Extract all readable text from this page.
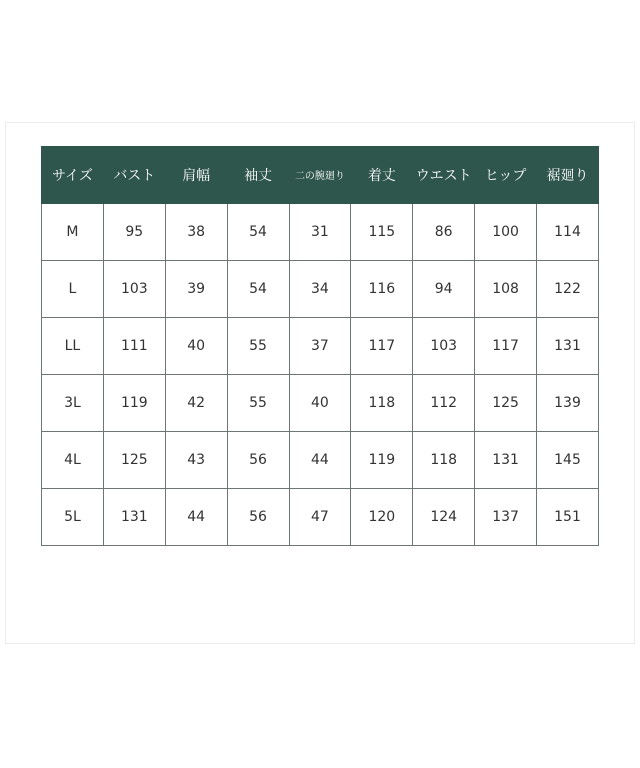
サイズ	バスト	肩幅	袖丈	二の腕廻り	着丈	ウエスト	ヒップ	裾廻り
M	95	38	54	31	115	86	100	114
L	103	39	54	34	116	94	108	122
LL	111	40	55	37	117	103	117	131
3L	119	42	55	40	118	112	125	139
4L	125	43	56	44	119	118	131	145
5L	131	44	56	47	120	124	137	151
